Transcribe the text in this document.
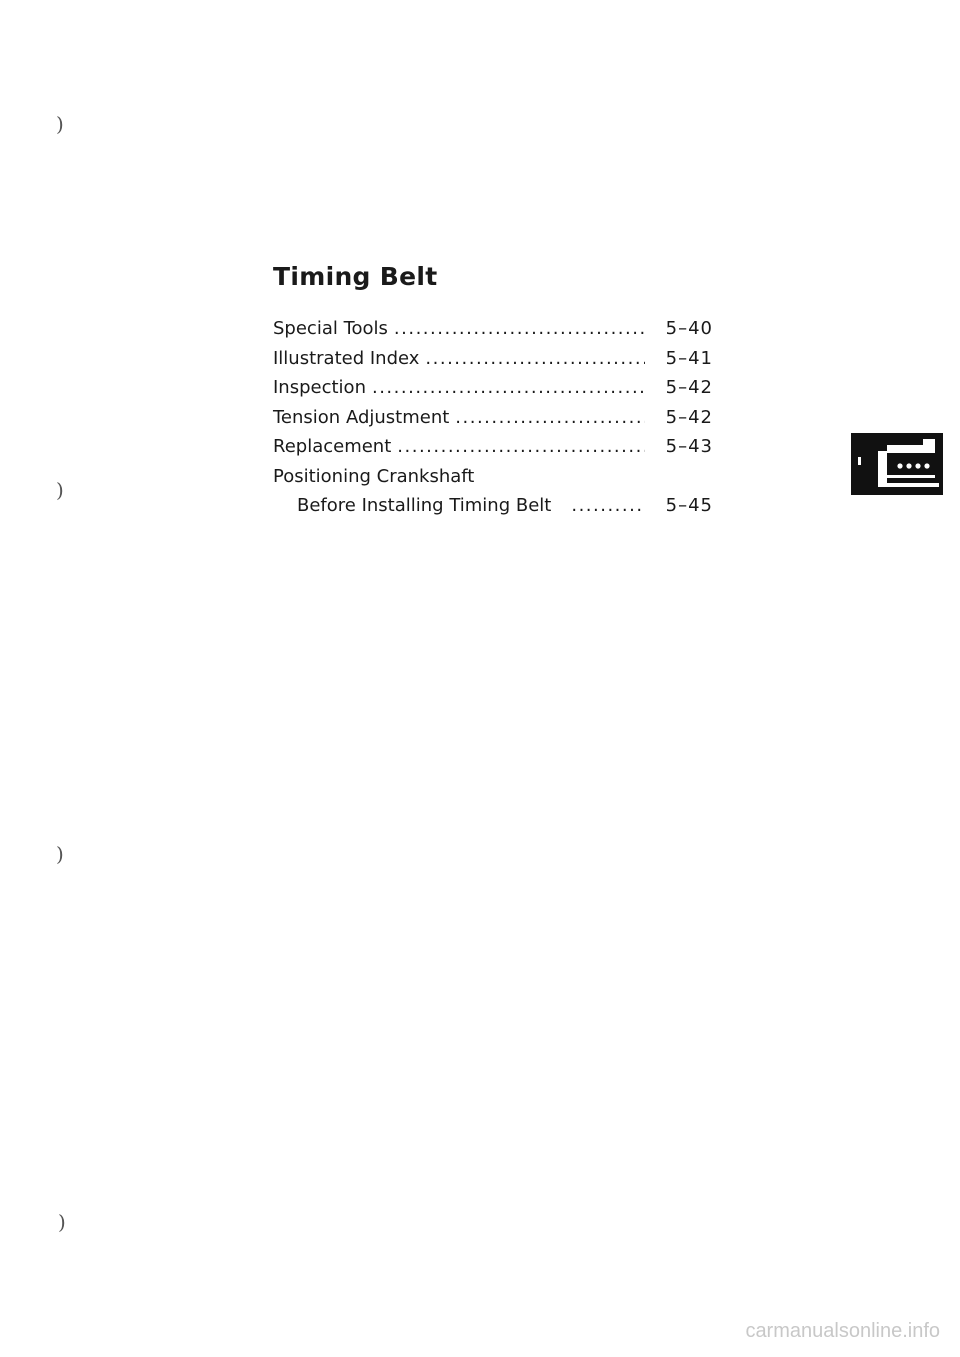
)
)
)
)
Timing Belt
Special Tools .....	5–40
Illustrated Index .....	5–41
Inspection .....	5–42
Tension Adjustment .....	5–42
Replacement .....	5–43
Positioning Crankshaft
Before Installing Timing Belt .....	5–45
carmanualsonline.info
